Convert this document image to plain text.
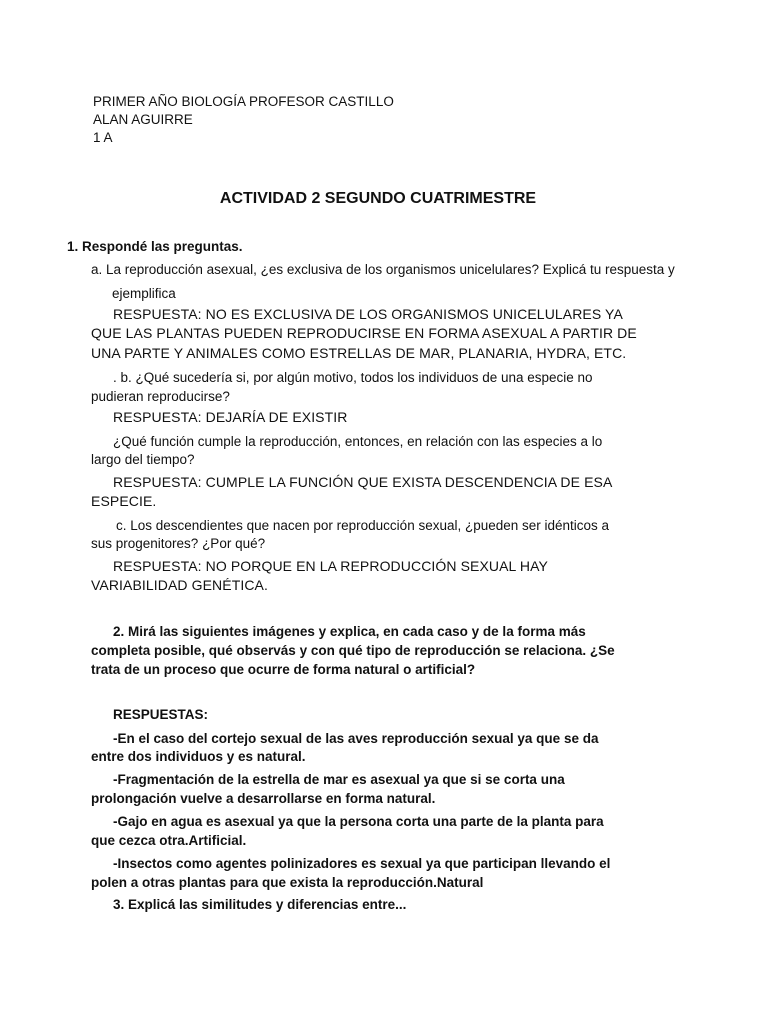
PRIMER AÑO BIOLOGÍA PROFESOR CASTILLO
ALAN AGUIRRE
1 A
ACTIVIDAD 2 SEGUNDO CUATRIMESTRE
1. Respondé las preguntas.
a. La reproducción asexual, ¿es exclusiva de los organismos unicelulares? Explicá tu respuesta y
ejemplifica
RESPUESTA: NO ES EXCLUSIVA DE LOS ORGANISMOS UNICELULARES YA
QUE LAS PLANTAS PUEDEN REPRODUCIRSE EN FORMA ASEXUAL A PARTIR DE
UNA PARTE Y ANIMALES COMO ESTRELLAS DE MAR, PLANARIA, HYDRA, ETC.
. b. ¿Qué sucedería si, por algún motivo, todos los individuos de una especie no
pudieran reproducirse?
RESPUESTA: DEJARÍA DE EXISTIR
¿Qué función cumple la reproducción, entonces, en relación con las especies a lo
largo del tiempo?
RESPUESTA: CUMPLE LA FUNCIÓN QUE EXISTA DESCENDENCIA DE ESA
ESPECIE.
c. Los descendientes que nacen por reproducción sexual, ¿pueden ser idénticos a
sus progenitores? ¿Por qué?
RESPUESTA: NO PORQUE EN LA REPRODUCCIÓN SEXUAL HAY
VARIABILIDAD GENÉTICA.
2. Mirá las siguientes imágenes y explica, en cada caso y de la forma más
completa posible, qué observás y con qué tipo de reproducción se relaciona. ¿Se
trata de un proceso que ocurre de forma natural o artificial?
RESPUESTAS:
-En el caso del cortejo sexual de las aves reproducción sexual ya que se da
entre dos individuos y es natural.
-Fragmentación de la estrella de mar es asexual ya que si se corta una
prolongación vuelve a desarrollarse en forma natural.
-Gajo en agua es asexual ya que la persona corta una parte de la planta para
que cezca otra.Artificial.
-Insectos como agentes polinizadores es sexual ya que participan llevando el
polen a otras plantas para que exista la reproducción.Natural
3. Explicá las similitudes y diferencias entre...
